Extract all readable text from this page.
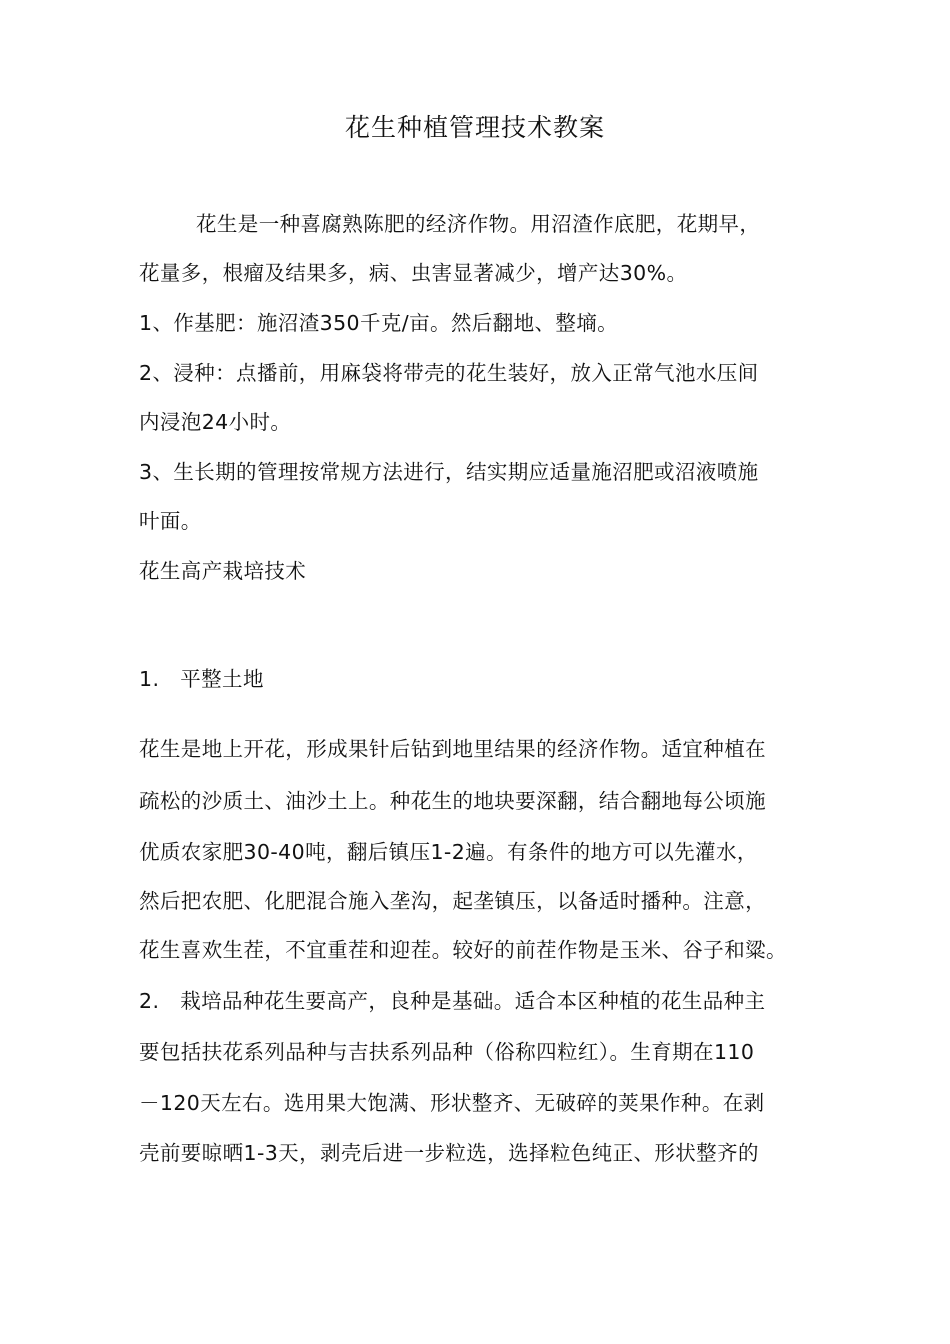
花生种植管理技术教案
花生是一种喜腐熟陈肥的经济作物。用沼渣作底肥，花期早，
花量多，根瘤及结果多，病、虫害显著减少，增产达30%。
1、作基肥：施沼渣350千克/亩。然后翻地、整墒。
2、浸种：点播前，用麻袋将带壳的花生装好，放入正常气池水压间
内浸泡24小时。
3、生长期的管理按常规方法进行，结实期应适量施沼肥或沼液喷施
叶面。
花生高产栽培技术
1.　平整土地
花生是地上开花，形成果针后钻到地里结果的经济作物。适宜种植在
疏松的沙质土、油沙土上。种花生的地块要深翻，结合翻地每公顷施
优质农家肥30-40吨，翻后镇压1-2遍。有条件的地方可以先灌水，
然后把农肥、化肥混合施入垄沟，起垄镇压，以备适时播种。注意，
花生喜欢生茬，不宜重茬和迎茬。较好的前茬作物是玉米、谷子和粱。
2.　栽培品种花生要高产，良种是基础。适合本区种植的花生品种主
要包括扶花系列品种与吉扶系列品种（俗称四粒红）。生育期在110
－120天左右。选用果大饱满、形状整齐、无破碎的荚果作种。在剥
壳前要晾晒1-3天，剥壳后进一步粒选，选择粒色纯正、形状整齐的
